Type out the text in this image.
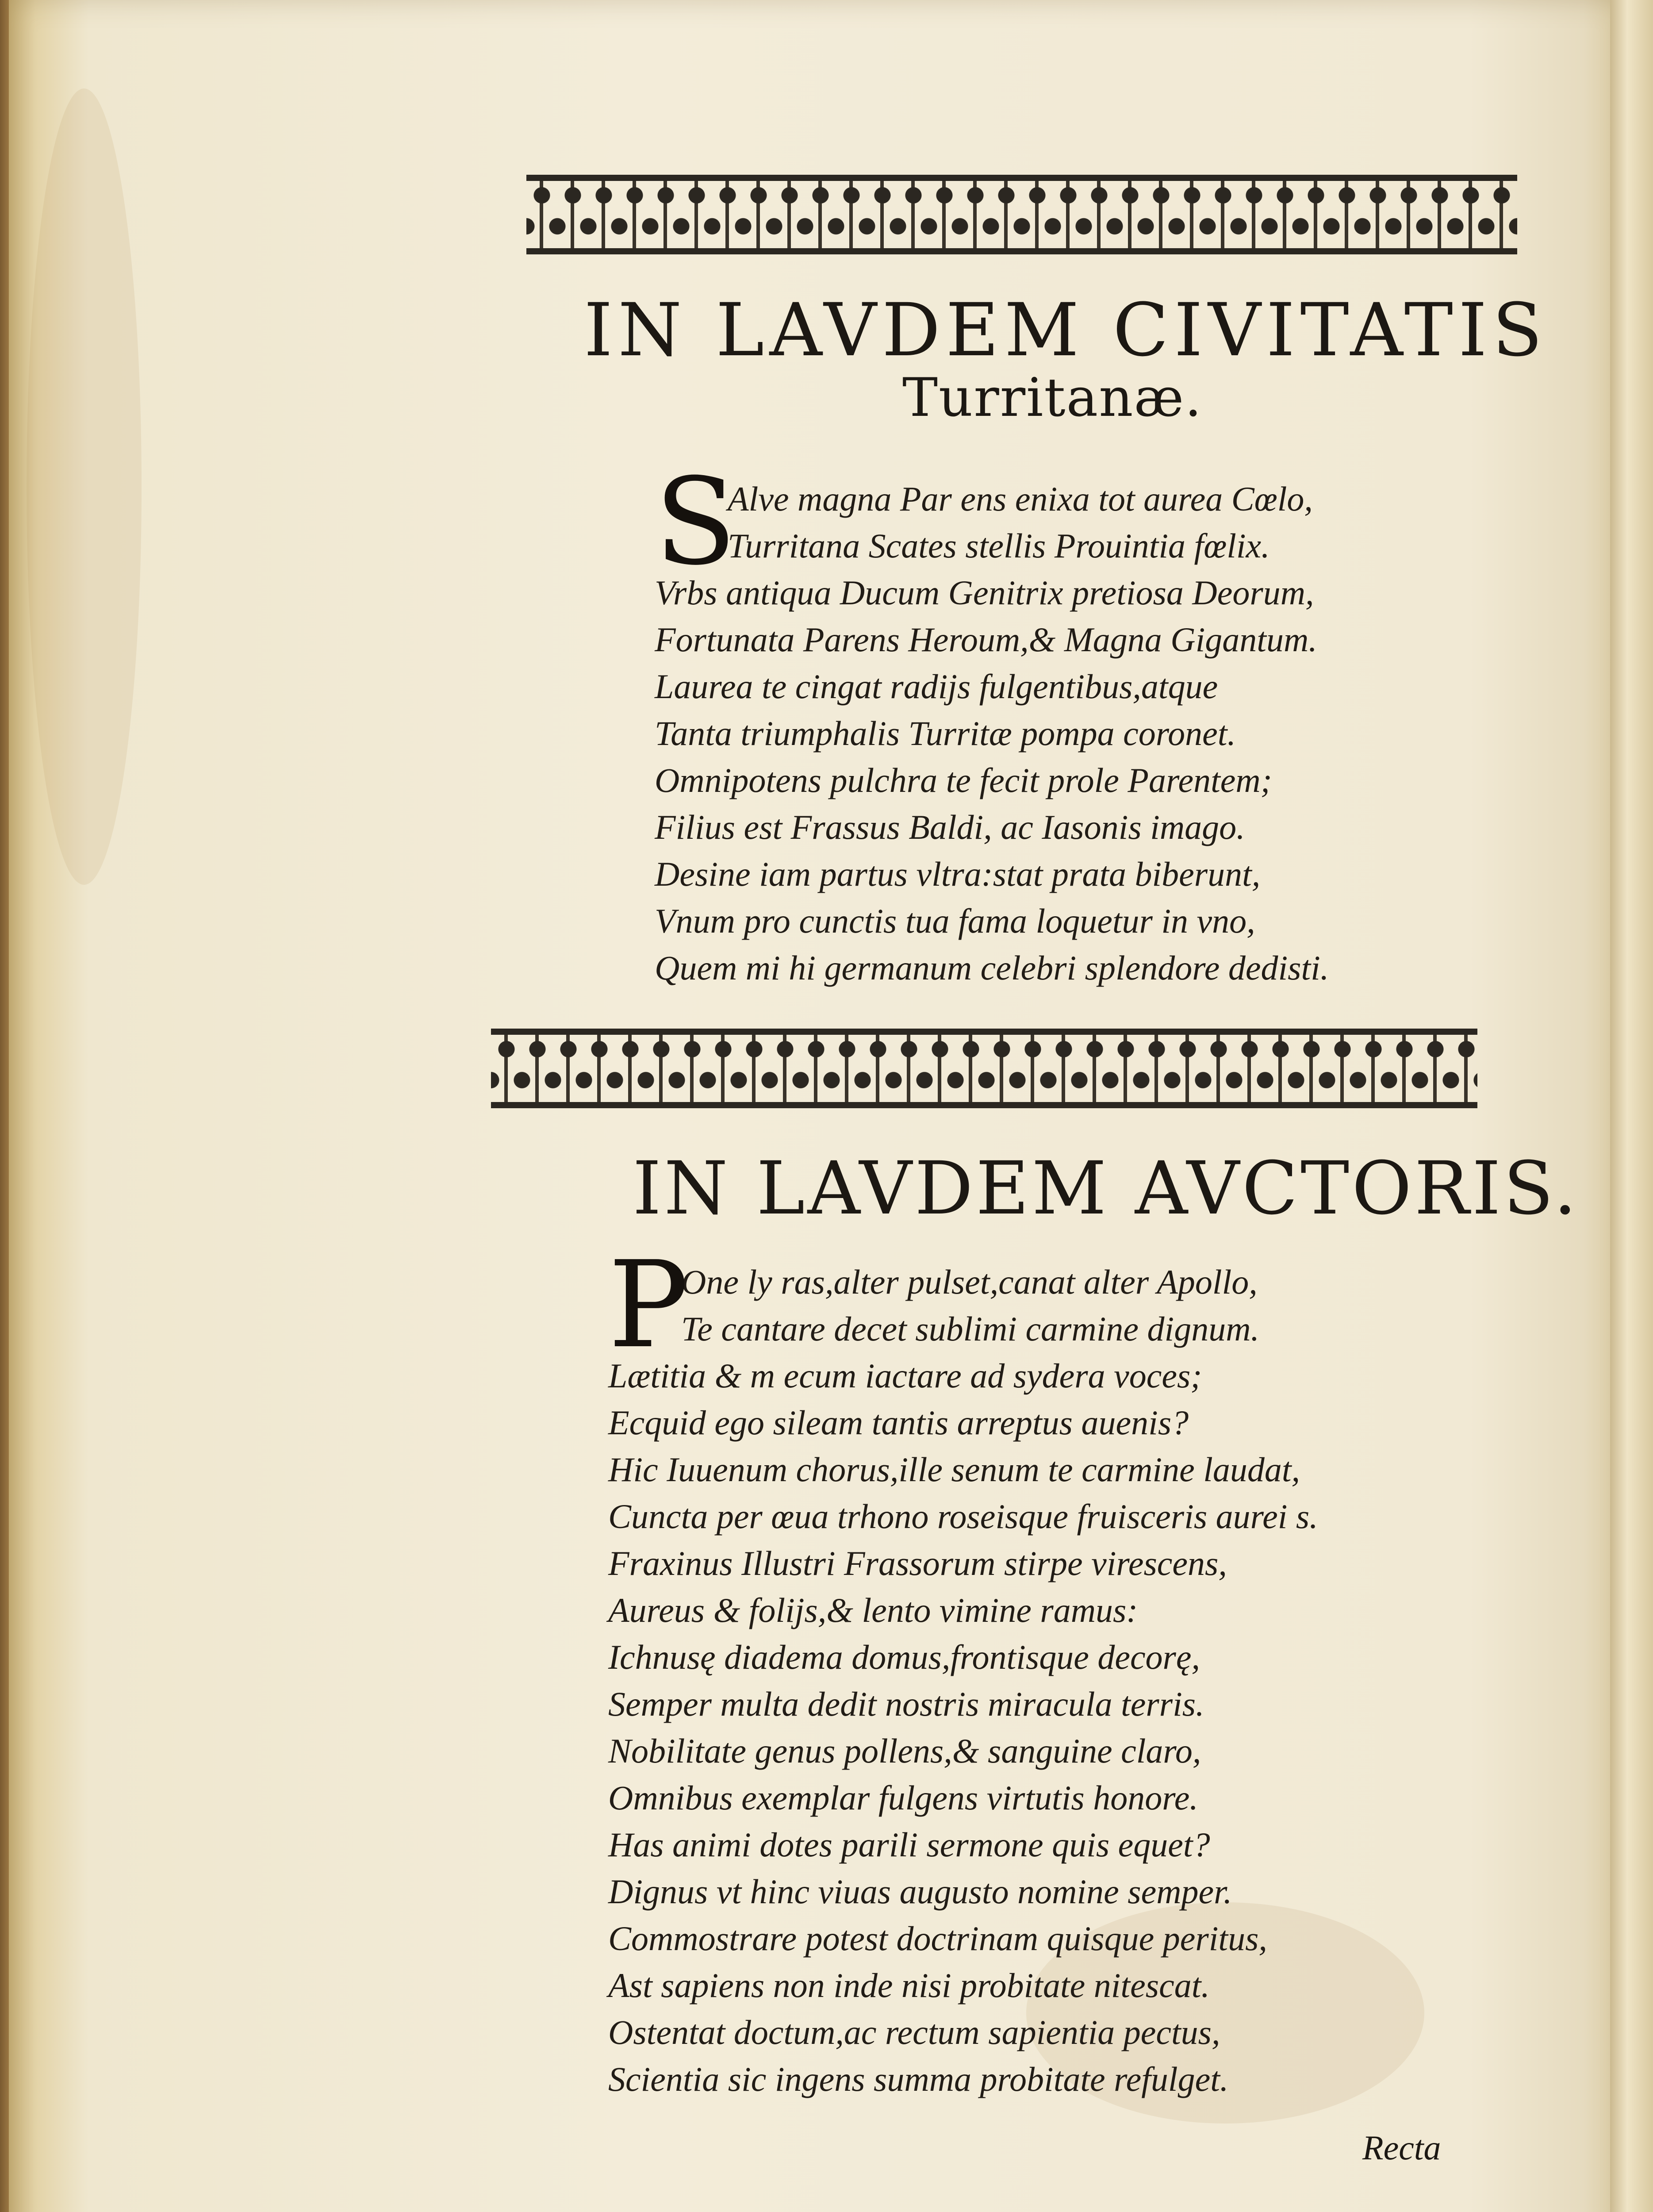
IN LAVDEM CIVITATIS
Turritanæ.
S
Alve magna Par ens enixa tot aurea Cœlo,
Turritana Scates stellis Prouintia fœlix.
Vrbs antiqua Ducum Genitrix pretiosa Deorum,
Fortunata Parens Heroum,& Magna Gigantum.
Laurea te cingat radijs fulgentibus,atque
Tanta triumphalis Turritæ pompa coronet.
Omnipotens pulchra te fecit prole Parentem;
Filius est Frassus Baldi, ac Iasonis imago.
Desine iam partus vltra:stat prata biberunt,
Vnum pro cunctis tua fama loquetur in vno,
Quem mi hi germanum celebri splendore dedisti.
IN LAVDEM AVCTORIS.
P
One ly ras,alter pulset,canat alter Apollo,
Te cantare decet sublimi carmine dignum.
Lætitia & m ecum iactare ad sydera voces;
Ecquid ego sileam tantis arreptus auenis?
Hic Iuuenum chorus,ille senum te carmine laudat,
Cuncta per œua trhono roseisque fruisceris aurei s.
Fraxinus Illustri Frassorum stirpe virescens,
Aureus & folijs,& lento vimine ramus:
Ichnusę diadema domus,frontisque decorę,
Semper multa dedit nostris miracula terris.
Nobilitate genus pollens,& sanguine claro,
Omnibus exemplar fulgens virtutis honore.
Has animi dotes parili sermone quis equet?
Dignus vt hinc viuas augusto nomine semper.
Commostrare potest doctrinam quisque peritus,
Ast sapiens non inde nisi probitate nitescat.
Ostentat doctum,ac rectum sapientia pectus,
Scientia sic ingens summa probitate refulget.
Recta
